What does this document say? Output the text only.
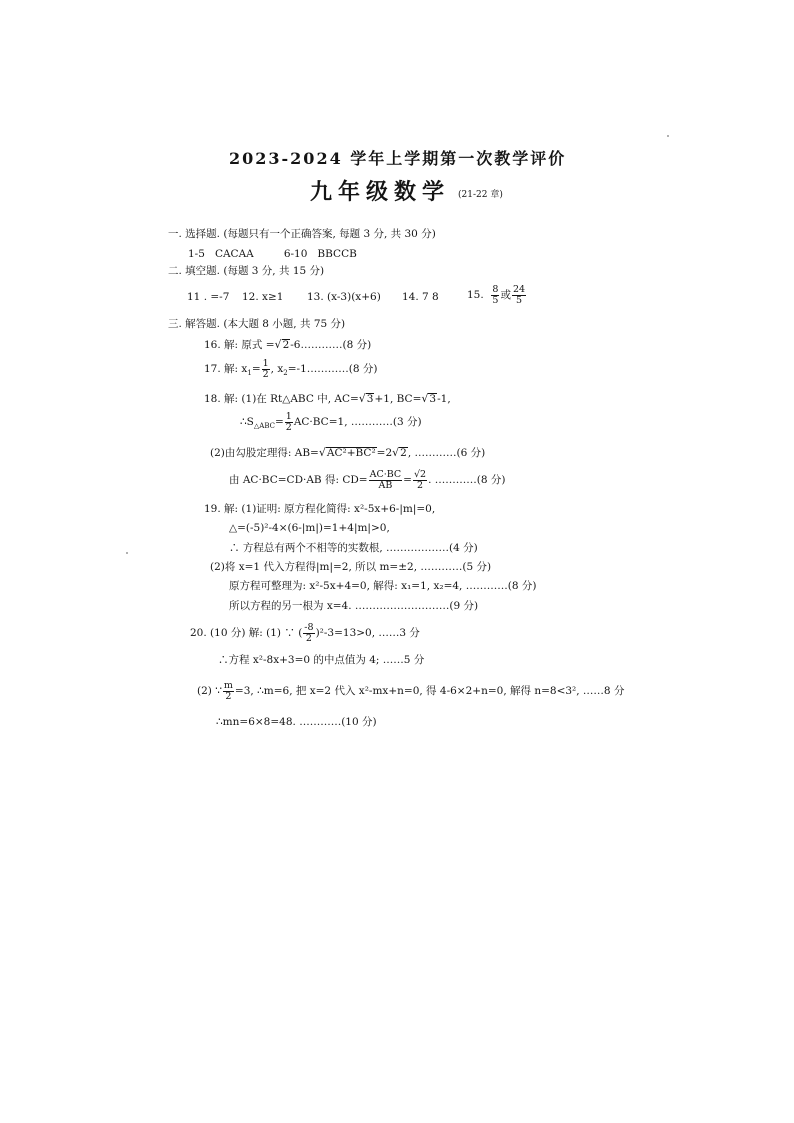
2023-2024 学年上学期第一次教学评价
九年级数学 (21-22 章)
一. 选择题. (每题只有一个正确答案, 每题 3 分, 共 30 分)
1-5 CACAA	6-10 BBCCB
二. 填空题. (每题 3 分, 共 15 分)
11 . =-7 12. x≥1 13. (x-3)(x+6) 14. 7 8	15. $\frac{8}{5}$ 或 $\frac{24}{5}$
三. 解答题. (本大题 8 小题, 共 75 分)
16. 解: 原式 =√2-6…………(8 分)
17. 解: $x_1= \frac{1}{2}$ , $x_2=-1\dots\dots\dots\dots(8$ 分)
18. 解: (1)在 Rt△ABC 中, AC=√3+1, BC=√3-1,
$\therefore S_{\triangle ABC}= \frac{1}{2} AC\cdot BC=1$, …………(3 分)
(2)由勾股定理得: AB=√AC²+BC²=2√2, …………(6 分)
由 AC·BC=CD·AB 得: $CD= \frac{AC\cdot BC}{AB} = \frac{√2}{2}$ . …………(8 分)
19. 解: (1)证明: 原方程化简得: x²-5x+6-|m|=0,
△=(-5)²-4×(6-|m|)=1+4|m|>0,
∴ 方程总有两个不相等的实数根, ………………(4 分)
(2)将 x=1 代入方程得|m|=2, 所以 m=±2, …………(5 分)
原方程可整理为: x²-5x+4=0, 解得: x₁=1, x₂=4, …………(8 分)
所以方程的另一根为 x=4. ………………………(9 分)
20. (10 分) 解: (1) ∵ ( $\frac{-8}{2} )^2-3=13>0$, ……3 分
∴方程 x²-8x+3=0 的中点值为 4; ……5 分
(2) ∵ $\frac{m}{2} =3$, ∴m=6, 把 x=2 代入 x²-mx+n=0, 得 4-6×2+n=0, 解得 n=8<3², ……8 分
∴mn=6×8=48. …………(10 分)
